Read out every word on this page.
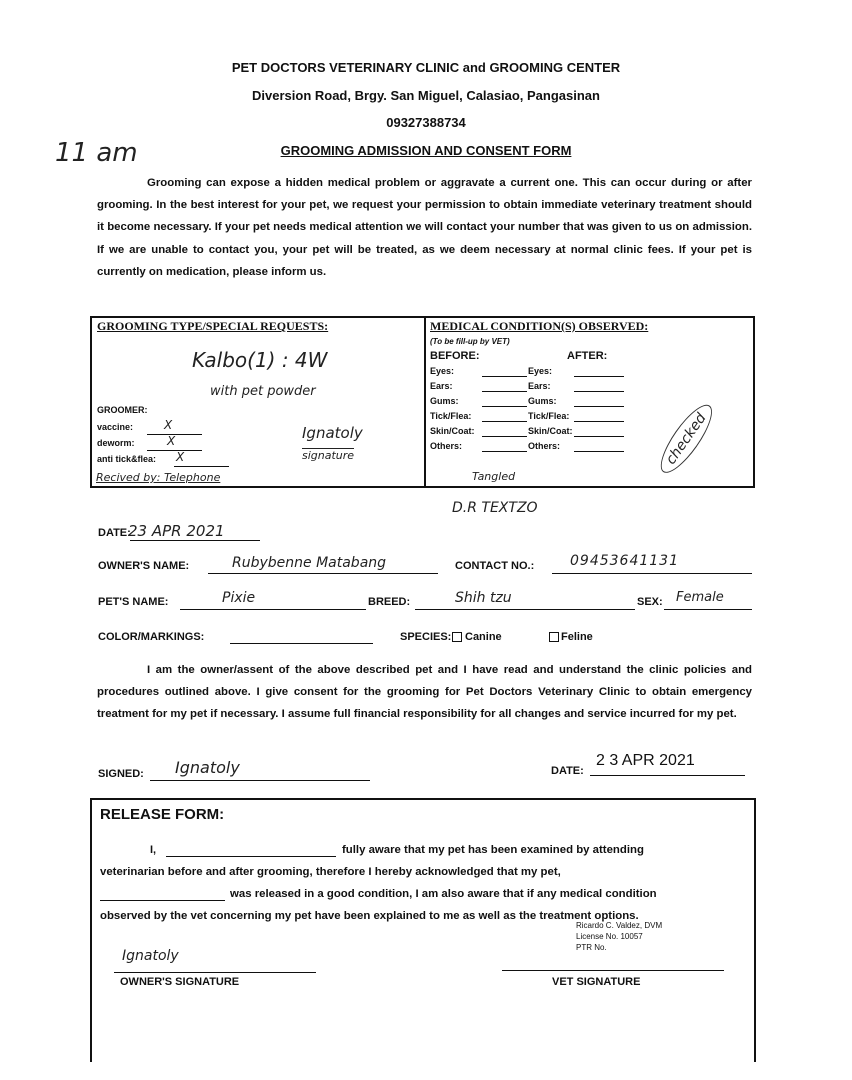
PET DOCTORS VETERINARY CLINIC and GROOMING CENTER
Diversion Road, Brgy. San Miguel, Calasiao, Pangasinan
09327388734
GROOMING ADMISSION AND CONSENT FORM
11 am
Grooming can expose a hidden medical problem or aggravate a current one. This can occur during or after grooming. In the best interest for your pet, we request your permission to obtain immediate veterinary treatment should it become necessary. If your pet needs medical attention we will contact your number that was given to us on admission. If we are unable to contact you, your pet will be treated, as we deem necessary at normal clinic fees. If your pet is currently on medication, please inform us.
GROOMING TYPE/SPECIAL REQUESTS:
Kalbo(1) : 4W
with pet powder
GROOMER:
vaccine:	X
deworm:	X
anti tick&flea: X
Ignatoly
signature
Recived by: Telephone
MEDICAL CONDITION(S) OBSERVED:
(To be fill-up by VET)
BEFORE:	AFTER:
Eyes:	Eyes:
Ears:	Ears:
Gums:	Gums:
Tick/Flea:	Tick/Flea:
Skin/Coat:	Skin/Coat:
Others:	Others:
Tangled
checked
D.R TEXTZO
DATE:
23 APR 2021
OWNER'S NAME:	Rubybenne Matabang	CONTACT NO.:	09453641131
PET'S NAME:	Pixie	BREED:	Shih tzu	SEX: Female
COLOR/MARKINGS:	SPECIES: Canine	Feline
I am the owner/assent of the above described pet and I have read and understand the clinic policies and procedures outlined above. I give consent for the grooming for Pet Doctors Veterinary Clinic to obtain emergency treatment for my pet if necessary. I assume full financial responsibility for all changes and service incurred for my pet.
SIGNED: Ignatoly	DATE:
2 3 APR 2021
RELEASE FORM:
I,	fully aware that my pet has been examined by attending
veterinarian before and after grooming, therefore I hereby acknowledged that my pet,
was released in a good condition, I am also aware that if any medical condition
observed by the vet concerning my pet have been explained to me as well as the treatment options.
Ricardo C. Valdez, DVM
License No. 10057
PTR No.
Ignatoly
OWNER'S SIGNATURE	VET SIGNATURE
